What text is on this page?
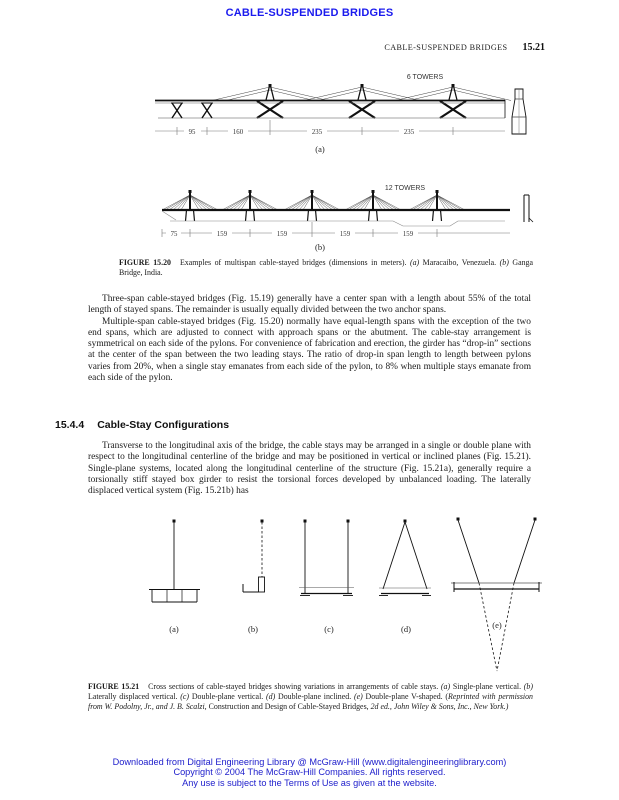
CABLE-SUSPENDED BRIDGES
CABLE-SUSPENDED BRIDGES 15.21
6 TOWERS
95	160	235	235
(a)
12 TOWERS
75	159	159	159	159
(b)
FIGURE 15.20 Examples of multispan cable-stayed bridges (dimensions in meters). (a) Maracaibo, Venezuela. (b) Ganga Bridge, India.

Three-span cable-stayed bridges (Fig. 15.19) generally have a center span with a length about 55% of the total length of stayed spans. The remainder is usually equally divided between the two anchor spans.

Multiple-span cable-stayed bridges (Fig. 15.20) normally have equal-length spans with the exception of the two end spans, which are adjusted to connect with approach spans or the abutment. The cable-stay arrangement is symmetrical on each side of the pylons. For convenience of fabrication and erection, the girder has “drop-in” sections at the center of the span between the two leading stays. The ratio of drop-in span length to length between pylons varies from 20%, when a single stay emanates from each side of the pylon, to 8% when multiple stays emanate from each side of the pylon.

15.4.4 Cable-Stay Configurations

Transverse to the longitudinal axis of the bridge, the cable stays may be arranged in a single or double plane with respect to the longitudinal centerline of the bridge and may be positioned in vertical or inclined planes (Fig. 15.21). Single-plane systems, located along the longitudinal centerline of the structure (Fig. 15.21a), generally require a torsionally stiff stayed box girder to resist the torsional forces developed by unbalanced loading. The laterally displaced vertical system (Fig. 15.21b) has

(a)	(b)	(c)	(d)	(e)
FIGURE 15.21 Cross sections of cable-stayed bridges showing variations in arrangements of cable stays. (a) Single-plane vertical. (b) Laterally displaced vertical. (c) Double-plane vertical. (d) Double-plane inclined. (e) Double-plane V-shaped. (Reprinted with permission from W. Podolny, Jr., and J. B. Scalzi, Construction and Design of Cable-Stayed Bridges, 2d ed., John Wiley & Sons, Inc., New York.)
Downloaded from Digital Engineering Library @ McGraw-Hill (www.digitalengineeringlibrary.com)
Copyright © 2004 The McGraw-Hill Companies. All rights reserved.
Any use is subject to the Terms of Use as given at the website.
